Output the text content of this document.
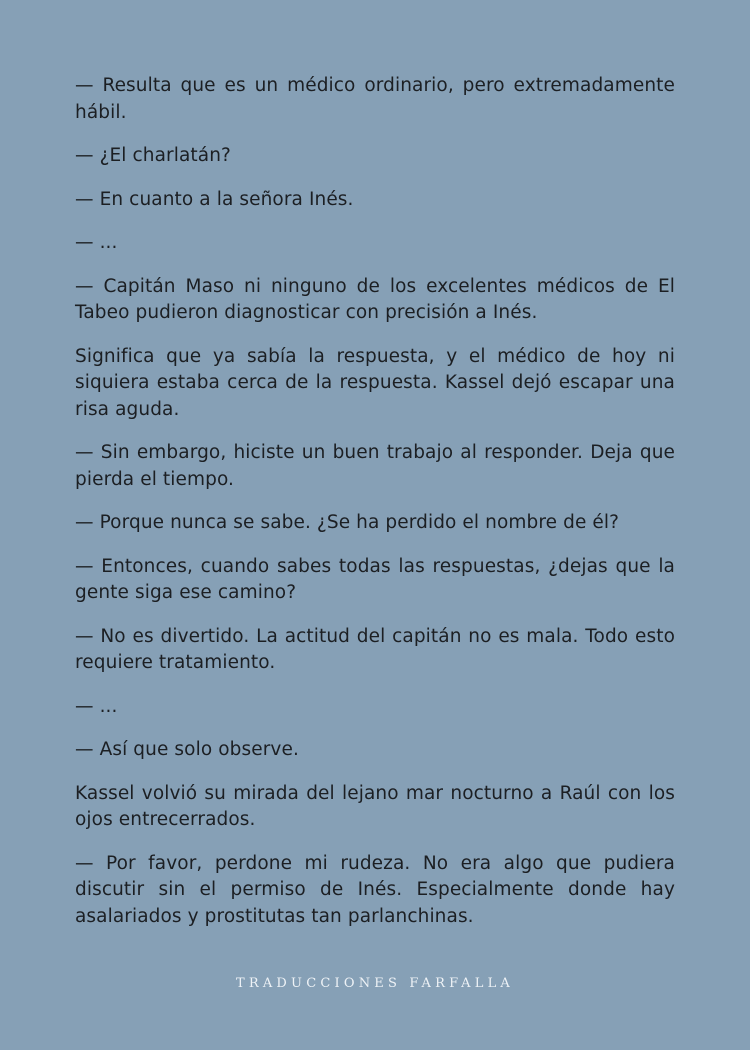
— Resulta que es un médico ordinario, pero extremadamente hábil.

— ¿El charlatán?

— En cuanto a la señora Inés.

— ...

— Capitán Maso ni ninguno de los excelentes médicos de El Tabeo pudieron diagnosticar con precisión a Inés.

Significa que ya sabía la respuesta, y el médico de hoy ni siquiera estaba cerca de la respuesta. Kassel dejó escapar una risa aguda.

— Sin embargo, hiciste un buen trabajo al responder. Deja que pierda el tiempo.

— Porque nunca se sabe. ¿Se ha perdido el nombre de él?

— Entonces, cuando sabes todas las respuestas, ¿dejas que la gente siga ese camino?

— No es divertido. La actitud del capitán no es mala. Todo esto requiere tratamiento.

— ...

— Así que solo observe.

Kassel volvió su mirada del lejano mar nocturno a Raúl con los ojos entrecerrados.

— Por favor, perdone mi rudeza. No era algo que pudiera discutir sin el permiso de Inés. Especialmente donde hay asalariados y prostitutas tan parlanchinas.

TRADUCCIONES FARFALLA
